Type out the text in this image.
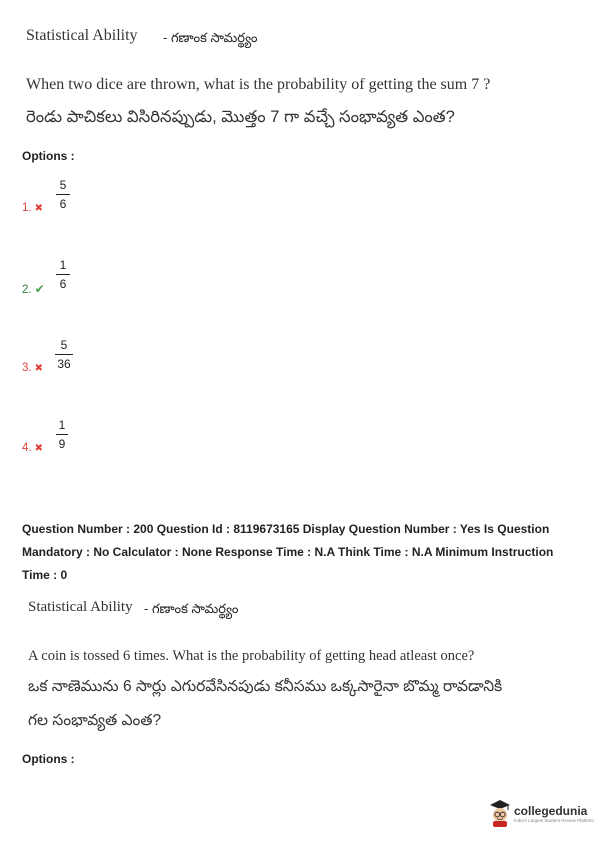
Statistical Ability - గణాంక సామర్థ్యం
When two dice are thrown, what is the probability of getting the sum 7 ?
రెండు పాచికలు విసిరినప్పుడు, మొత్తం 7 గా వచ్చే సంభావ్యత ఎంత?
Options :
1. ✖
5
6
2. ✔
1
6
3. ✖
5
36
4. ✖
1
9
Question Number : 200 Question Id : 8119673165 Display Question Number : Yes Is Question
Mandatory : No Calculator : None Response Time : N.A Think Time : N.A Minimum Instruction
Time : 0
Statistical Ability - గణాంక సామర్థ్యం
A coin is tossed 6 times. What is the probability of getting head atleast once?
ఒక నాణెమును 6 సార్లు ఎగురవేసినపుడు కనీసము ఒక్కసారైనా బొమ్మ రావడానికి
గల సంభావ్యత ఎంత?
Options :
collegedunia
India's Largest Student Review Platform
